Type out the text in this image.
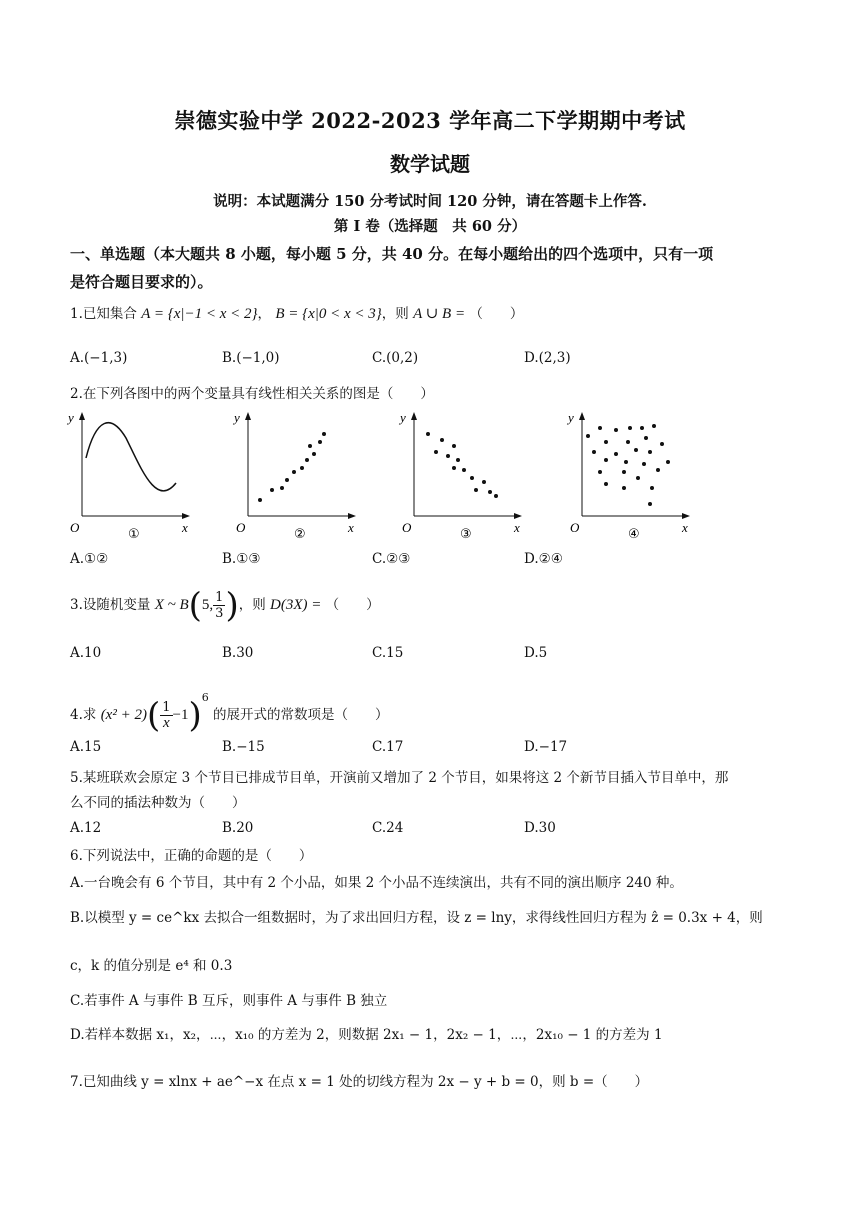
崇德实验中学 2022-2023 学年高二下学期期中考试
数学试题
说明：本试题满分 150 分考试时间 120 分钟，请在答题卡上作答.
第 I 卷（选择题　共 60 分）
一、单选题（本大题共 8 小题，每小题 5 分，共 40 分。在每小题给出的四个选项中，只有一项
是符合题目要求的）。
1.已知集合 A = {x|−1 < x < 2}， B = {x|0 < x < 3}，则 A ∪ B = （　　）
A.(−1,3)	B.(−1,0)	C.(0,2)	D.(2,3)
2.在下列各图中的两个变量具有线性相关关系的图是（　　）
y
x
O	①
y
x
O	②
y
x
O	③
y
x
O	④
A.①②	B.①③	C.②③	D.②④
3.设随机变量 X ~ B(5, $\frac{1}{3}$ )，则 D(3X) = （　　）
A.10	B.30	C.15	D.5
4.求 $(x^2 + 2)( \frac{1}{x} -1)^6$ 的展开式的常数项是（　　）
A.15	B.−15	C.17	D.−17
5.某班联欢会原定 3 个节目已排成节目单，开演前又增加了 2 个节目，如果将这 2 个新节目插入节目单中，那
么不同的插法种数为（　　）
A.12	B.20	C.24	D.30
6.下列说法中，正确的命题的是（　　）
A.一台晚会有 6 个节目，其中有 2 个小品，如果 2 个小品不连续演出，共有不同的演出顺序 240 种。
B.以模型 y = ce^kx 去拟合一组数据时，为了求出回归方程，设 z = lny，求得线性回归方程为 ẑ = 0.3x + 4，则
c，k 的值分别是 e⁴ 和 0.3
C.若事件 A 与事件 B 互斥，则事件 A 与事件 B 独立
D.若样本数据 x₁，x₂，⋯，x₁₀ 的方差为 2，则数据 2x₁ − 1，2x₂ − 1，⋯，2x₁₀ − 1 的方差为 1
7.已知曲线 y = xlnx + ae^−x 在点 x = 1 处的切线方程为 2x − y + b = 0，则 b =（　　）
